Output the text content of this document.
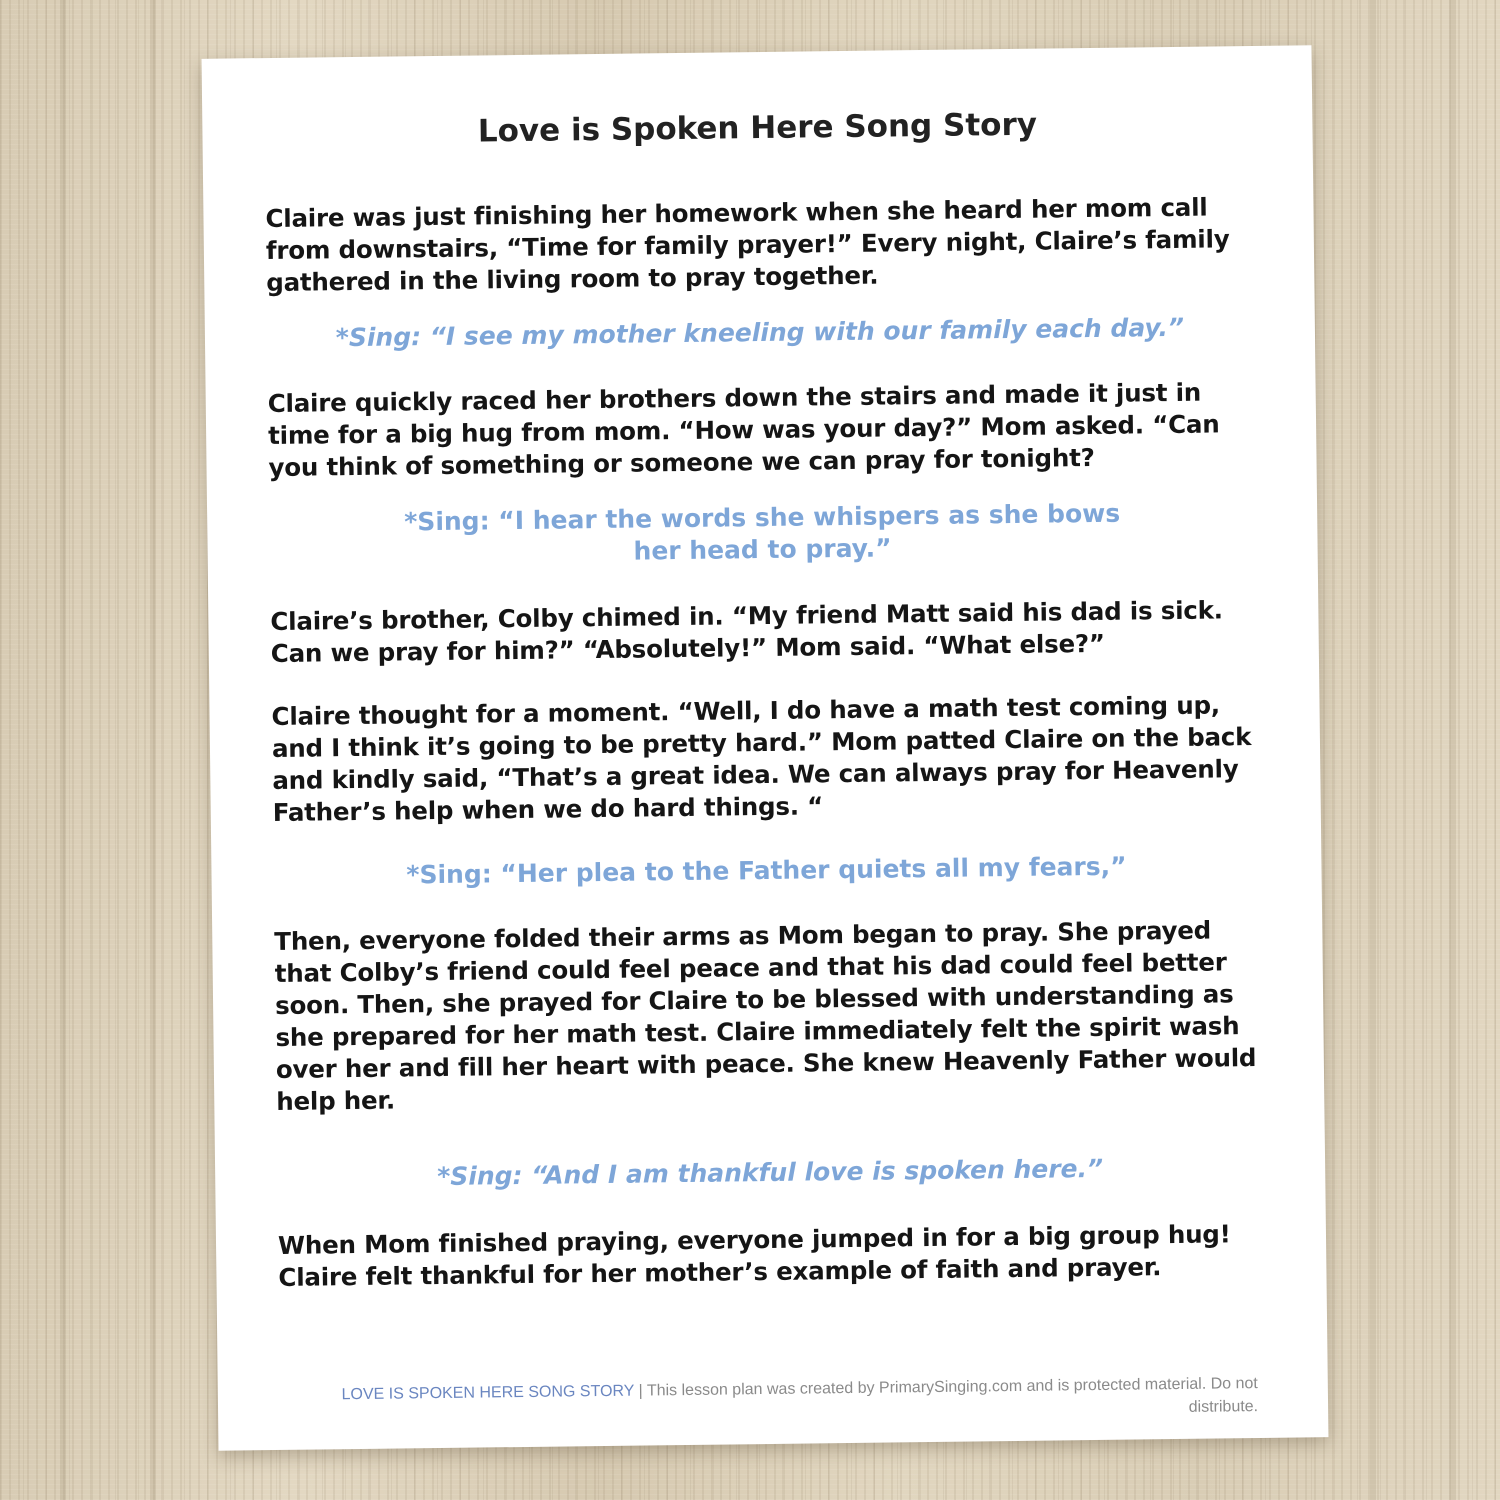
Love is Spoken Here Song Story

Claire was just finishing her homework when she heard her mom call from downstairs, “Time for family prayer!” Every night, Claire’s family gathered in the living room to pray together.

*Sing: “I see my mother kneeling with our family each day.”

Claire quickly raced her brothers down the stairs and made it just in time for a big hug from mom. “How was your day?” Mom asked. “Can you think of something or someone we can pray for tonight?

*Sing: “I hear the words she whispers as she bows her head to pray.”

Claire’s brother, Colby chimed in. “My friend Matt said his dad is sick. Can we pray for him?” “Absolutely!” Mom said. “What else?”

Claire thought for a moment. “Well, I do have a math test coming up, and I think it’s going to be pretty hard.” Mom patted Claire on the back and kindly said, “That’s a great idea. We can always pray for Heavenly Father’s help when we do hard things. “

*Sing: “Her plea to the Father quiets all my fears,”

Then, everyone folded their arms as Mom began to pray. She prayed that Colby’s friend could feel peace and that his dad could feel better soon. Then, she prayed for Claire to be blessed with understanding as she prepared for her math test. Claire immediately felt the spirit wash over her and fill her heart with peace. She knew Heavenly Father would help her.

*Sing: “And I am thankful love is spoken here.”

When Mom finished praying, everyone jumped in for a big group hug! Claire felt thankful for her mother’s example of faith and prayer.

LOVE IS SPOKEN HERE SONG STORY | This lesson plan was created by PrimarySinging.com and is protected material. Do not distribute.
